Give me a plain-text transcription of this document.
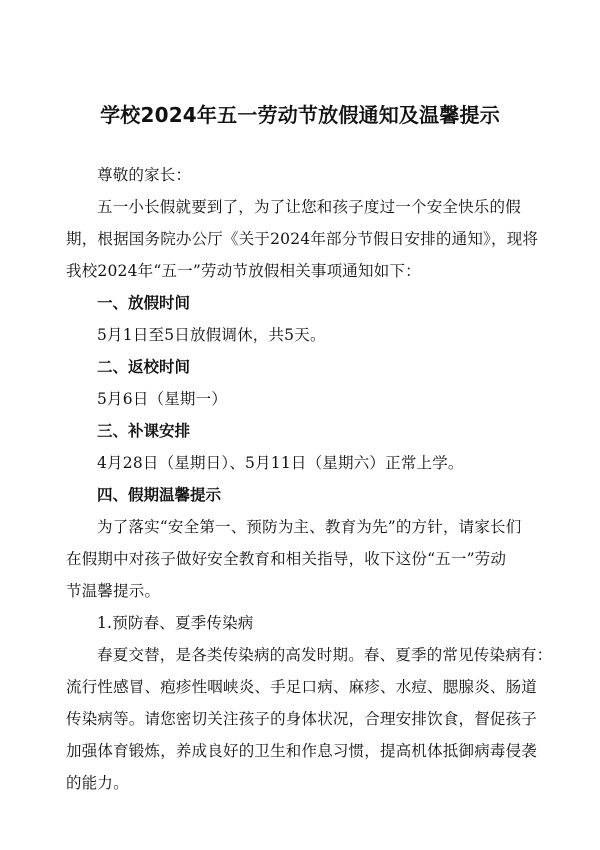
学校2024年五一劳动节放假通知及温馨提示
尊敬的家长：
五一小长假就要到了，为了让您和孩子度过一个安全快乐的假
期，根据国务院办公厅《关于2024年部分节假日安排的通知》，现将
我校2024年“五一”劳动节放假相关事项通知如下：
一、放假时间
5月1日至5日放假调休，共5天。
二、返校时间
5月6日（星期一）
三、补课安排
4月28日（星期日）、5月11日（星期六）正常上学。
四、假期温馨提示
为了落实“安全第一、预防为主、教育为先”的方针，请家长们
在假期中对孩子做好安全教育和相关指导，收下这份“五一”劳动
节温馨提示。
1.预防春、夏季传染病
春夏交替，是各类传染病的高发时期。春、夏季的常见传染病有：
流行性感冒、疱疹性咽峡炎、手足口病、麻疹、水痘、腮腺炎、肠道
传染病等。请您密切关注孩子的身体状况，合理安排饮食，督促孩子
加强体育锻炼，养成良好的卫生和作息习惯，提高机体抵御病毒侵袭
的能力。
